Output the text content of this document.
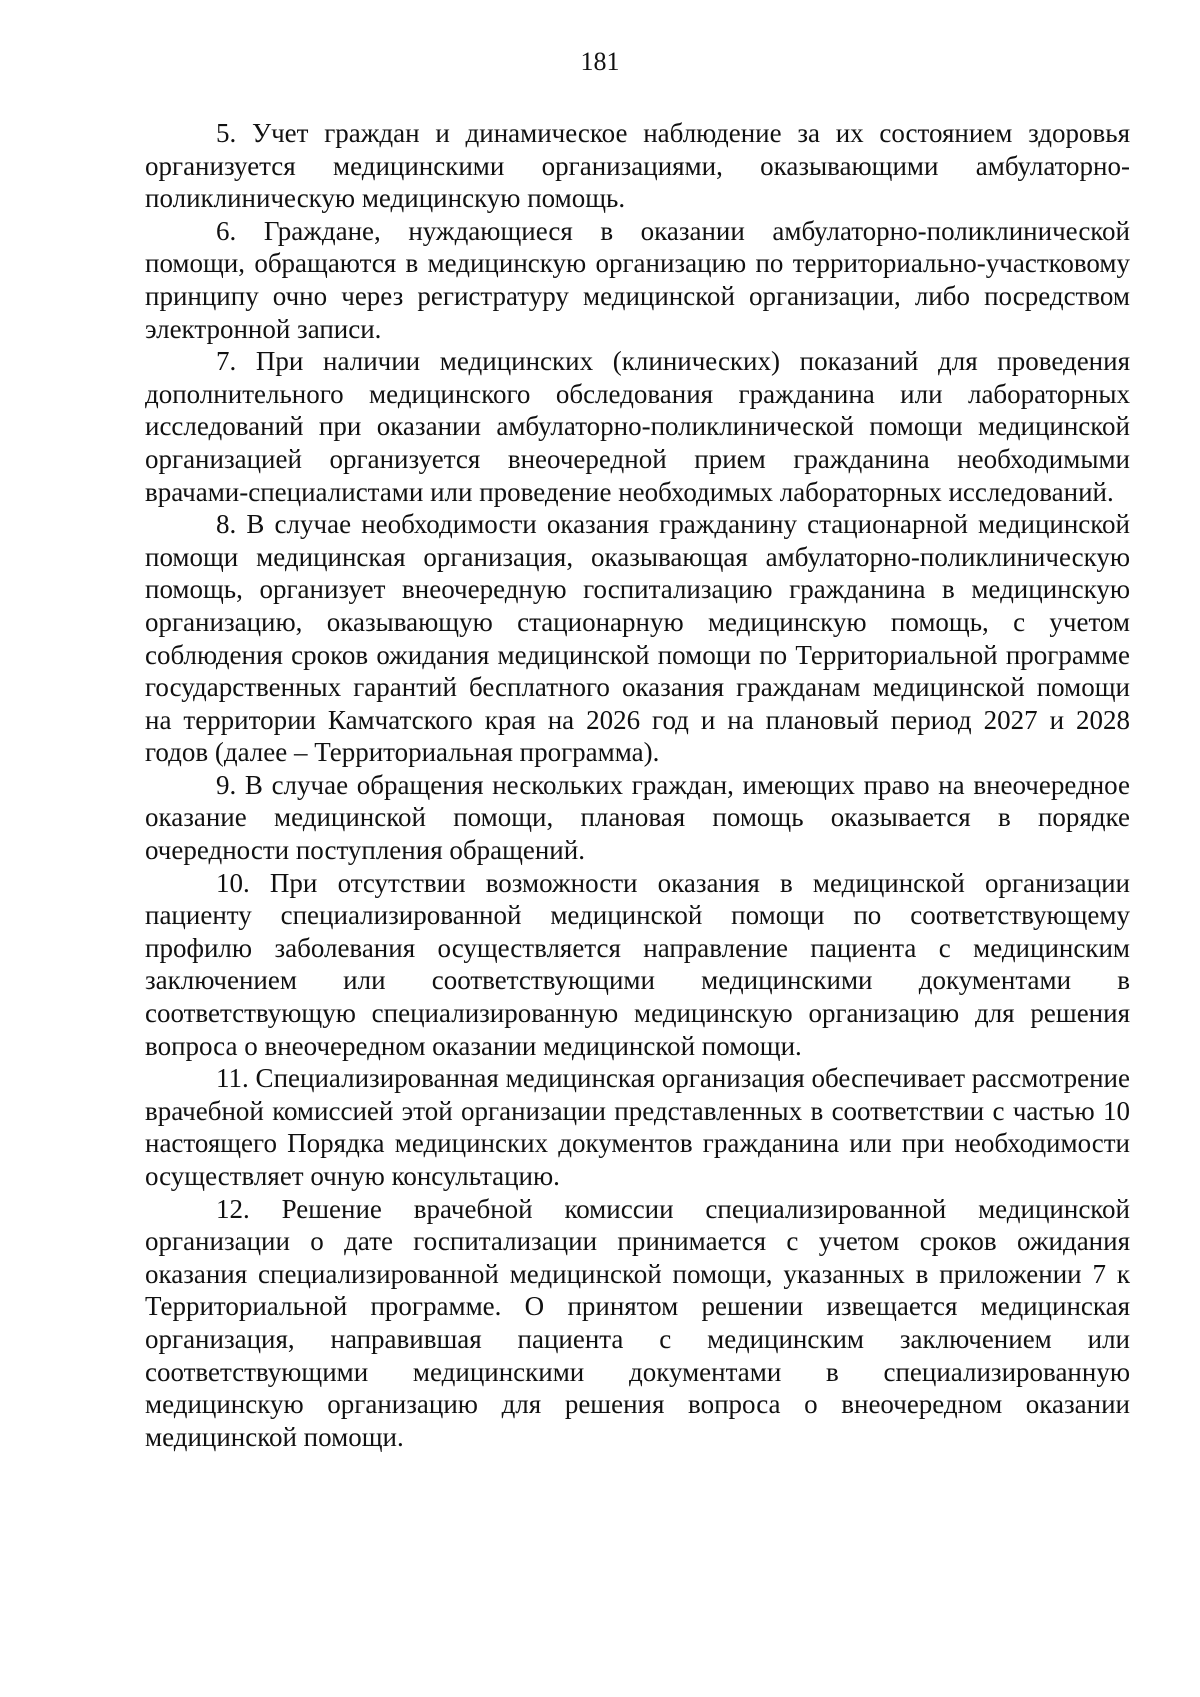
181

5. Учет граждан и динамическое наблюдение за их состоянием здоровья организуется медицинскими организациями, оказывающими амбулаторно-поликлиническую медицинскую помощь.

6. Граждане, нуждающиеся в оказании амбулаторно-поликлинической помощи, обращаются в медицинскую организацию по территориально-участковому принципу очно через регистратуру медицинской организации, либо посредством электронной записи.

7. При наличии медицинских (клинических) показаний для проведения дополнительного медицинского обследования гражданина или лабораторных исследований при оказании амбулаторно-поликлинической помощи медицинской организацией организуется внеочередной прием гражданина необходимыми врачами-специалистами или проведение необходимых лабораторных исследований.

8. В случае необходимости оказания гражданину стационарной медицинской помощи медицинская организация, оказывающая амбулаторно-поликлиническую помощь, организует внеочередную госпитализацию гражданина в медицинскую организацию, оказывающую стационарную медицинскую помощь, с учетом соблюдения сроков ожидания медицинской помощи по Территориальной программе государственных гарантий бесплатного оказания гражданам медицинской помощи на территории Камчатского края на 2026 год и на плановый период 2027 и 2028 годов (далее – Территориальная программа).

9. В случае обращения нескольких граждан, имеющих право на внеочередное оказание медицинской помощи, плановая помощь оказывается в порядке очередности поступления обращений.

10. При отсутствии возможности оказания в медицинской организации пациенту специализированной медицинской помощи по соответствующему профилю заболевания осуществляется направление пациента с медицинским заключением или соответствующими медицинскими документами в соответствующую специализированную медицинскую организацию для решения вопроса о внеочередном оказании медицинской помощи.

11. Специализированная медицинская организация обеспечивает рассмотрение врачебной комиссией этой организации представленных в соответствии с частью 10 настоящего Порядка медицинских документов гражданина или при необходимости осуществляет очную консультацию.

12. Решение врачебной комиссии специализированной медицинской организации о дате госпитализации принимается с учетом сроков ожидания оказания специализированной медицинской помощи, указанных в приложении 7 к Территориальной программе. О принятом решении извещается медицинская организация, направившая пациента с медицинским заключением или соответствующими медицинскими документами в специализированную медицинскую организацию для решения вопроса о внеочередном оказании медицинской помощи.
